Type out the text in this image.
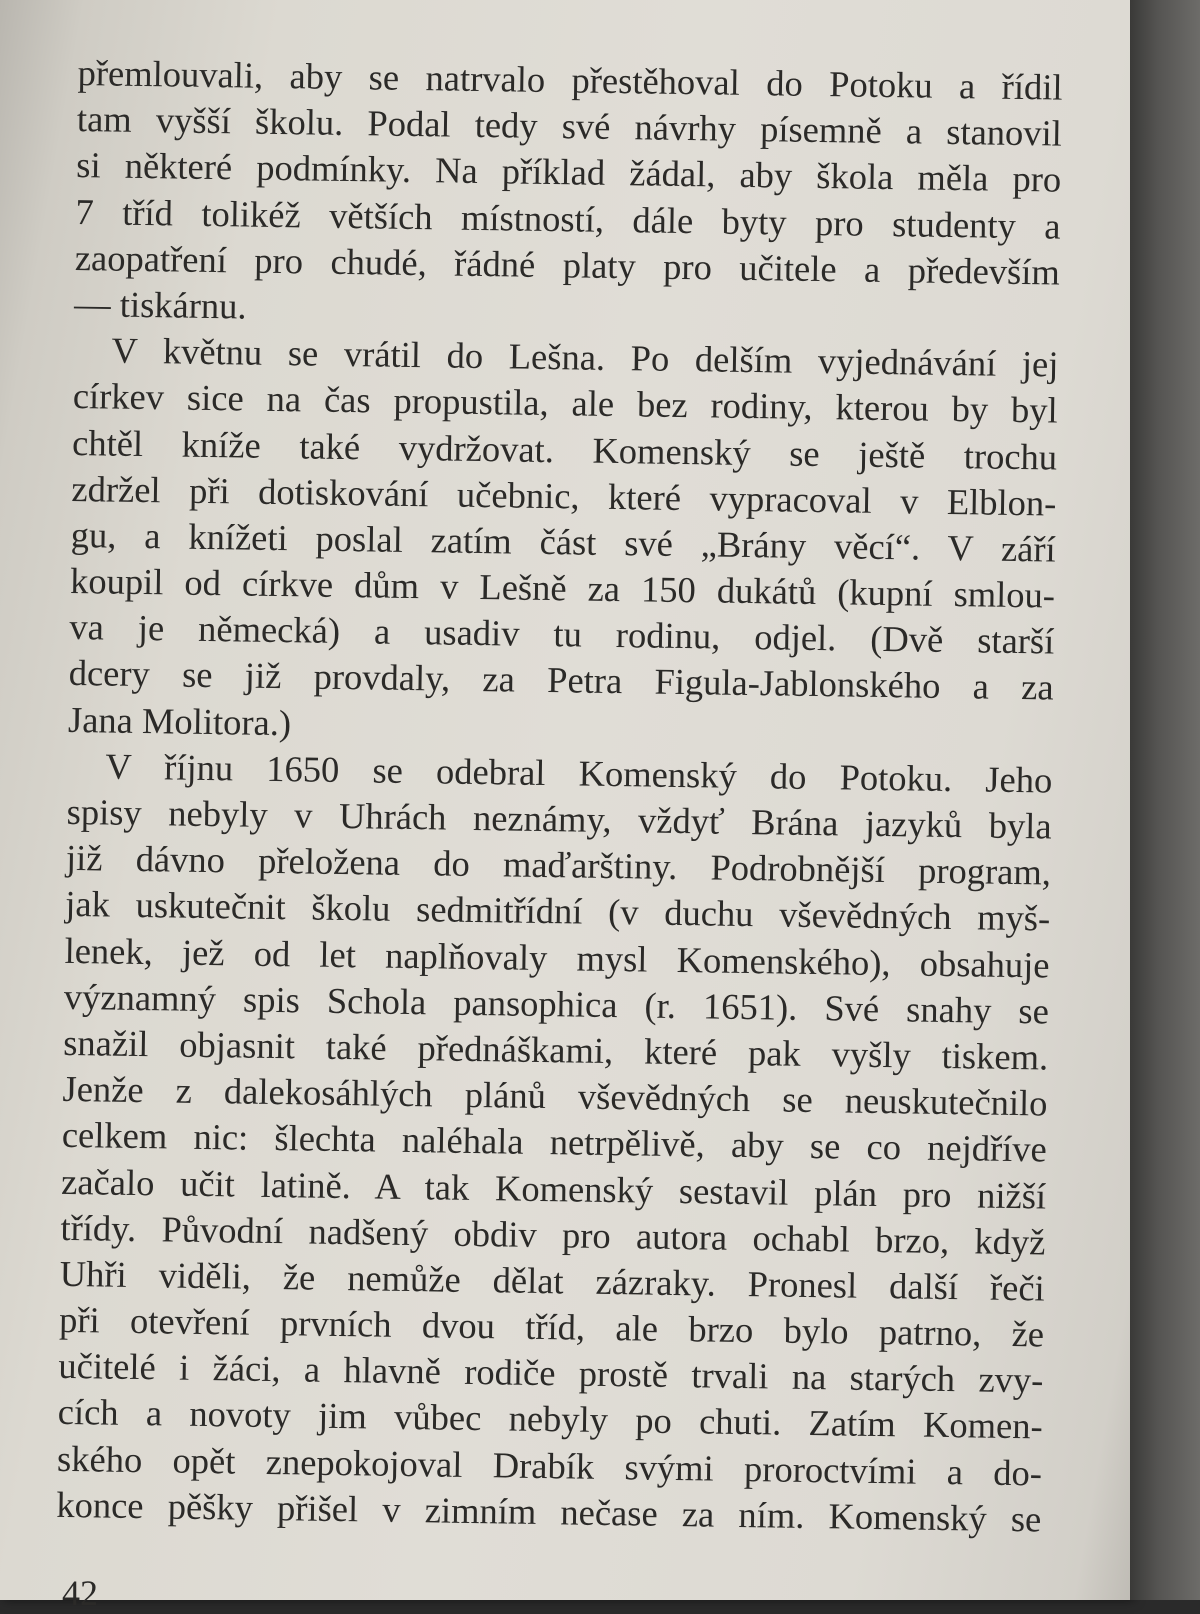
přemlouvali, aby se natrvalo přestěhoval do Potoku a řídil
tam vyšší školu. Podal tedy své návrhy písemně a stanovil
si některé podmínky. Na příklad žádal, aby škola měla pro
7 tříd tolikéž větších místností, dále byty pro studenty a
zaopatření pro chudé, řádné platy pro učitele a především
— tiskárnu.
V květnu se vrátil do Lešna. Po delším vyjednávání jej
církev sice na čas propustila, ale bez rodiny, kterou by byl
chtěl kníže také vydržovat. Komenský se ještě trochu
zdržel při dotiskování učebnic, které vypracoval v Elblon-
gu, a knížeti poslal zatím část své „Brány věcí“. V září
koupil od církve dům v Lešně za 150 dukátů (kupní smlou-
va je německá) a usadiv tu rodinu, odjel. (Dvě starší
dcery se již provdaly, za Petra Figula-Jablonského a za
Jana Molitora.)
V říjnu 1650 se odebral Komenský do Potoku. Jeho
spisy nebyly v Uhrách neznámy, vždyť Brána jazyků byla
již dávno přeložena do maďarštiny. Podrobnější program,
jak uskutečnit školu sedmitřídní (v duchu vševědných myš-
lenek, jež od let naplňovaly mysl Komenského), obsahuje
významný spis Schola pansophica (r. 1651). Své snahy se
snažil objasnit také přednáškami, které pak vyšly tiskem.
Jenže z dalekosáhlých plánů vševědných se neuskutečnilo
celkem nic: šlechta naléhala netrpělivě, aby se co nejdříve
začalo učit latině. A tak Komenský sestavil plán pro nižší
třídy. Původní nadšený obdiv pro autora ochabl brzo, když
Uhři viděli, že nemůže dělat zázraky. Pronesl další řeči
při otevření prvních dvou tříd, ale brzo bylo patrno, že
učitelé i žáci, a hlavně rodiče prostě trvali na starých zvy-
cích a novoty jim vůbec nebyly po chuti. Zatím Komen-
ského opět znepokojoval Drabík svými proroctvími a do-
konce pěšky přišel v zimním nečase za ním. Komenský se
42
